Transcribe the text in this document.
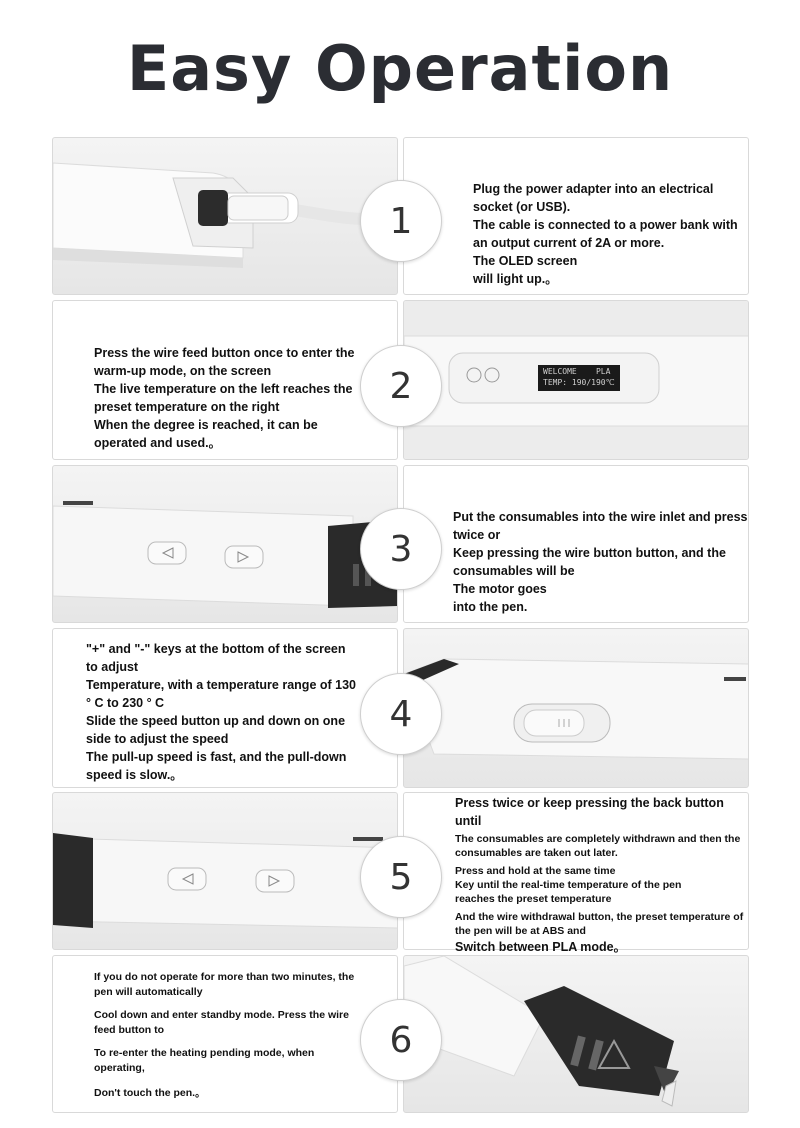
Easy Operation

Plug the power adapter into an electrical socket (or USB).

The cable is connected to a power bank with an output current of 2A or more.

The OLED screen will light up.。

1

Press the wire feed button once to enter the warm-up mode, on the screen

The live temperature on the left reaches the preset temperature on the right

When the degree is reached, it can be operated and used.。

WELCOME    PLA
TEMP: 190/190℃
2

Put the consumables into the wire inlet and press twice or

Keep pressing the wire button button, and the consumables will be

The motor goes into the pen.

3

"+" and "-" keys at the bottom of the screen to adjust

Temperature, with a temperature range of 130 ° C to 230 ° C

Slide the speed button up and down on one side to adjust the speed

The pull-up speed is fast, and the pull-down speed is slow.。

4

Press twice or keep pressing the back button until

The consumables are completely withdrawn and then the consumables are taken out later.

Press and hold at the same time

Key until the real-time temperature of the pen reaches the preset temperature

And the wire withdrawal button, the preset temperature of the pen will be at ABS and

Switch between PLA mode。

5

If you do not operate for more than two minutes, the pen will automatically

Cool down and enter standby mode. Press the wire feed button to

To re-enter the heating pending mode, when operating,

Don't touch the pen.。

6
